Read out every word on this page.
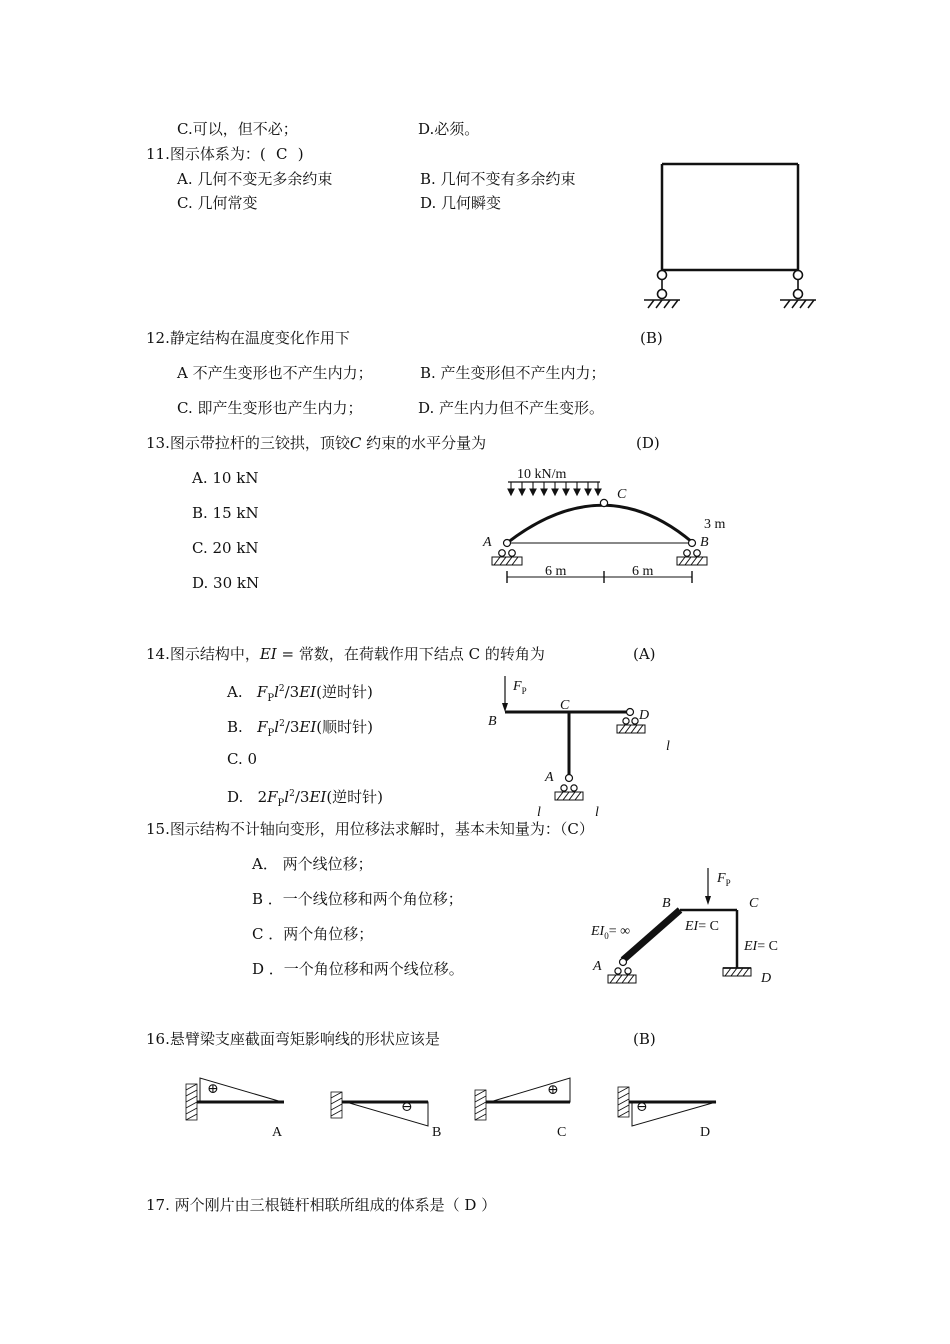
C.可以，但不必；	D.必须。
11.图示体系为：( C )
A. 几何不变无多余约束	B. 几何不变有多余约束
C. 几何常变	D. 几何瞬变
12.静定结构在温度变化作用下	(B)
A 不产生变形也不产生内力；	B. 产生变形但不产生内力；
C. 即产生变形也产生内力；	D. 产生内力但不产生变形。
13.图示带拉杆的三铰拱，顶铰C 约束的水平分量为	(D)
A. 10 kN
B. 15 kN
C. 20 kN
D. 30 kN
10 kN/m
C
3 m
A	B
6 m	6 m
14.图示结构中，EI = 常数，在荷载作用下结点 C 的转角为	(A)
A. $F_Pl^2/3EI$(逆时针)
B. $F_Pl^2/3EI$(顺时针)
C. 0
D.   $2F_Pl^2/3EI$(逆时针)
$F_P$
B
C
D
l
A
l	l
15.图示结构不计轴向变形，用位移法求解时，基本未知量为：（C）
A． 两个线位移；
B ．一个线位移和两个角位移；
C ．两个角位移；
D ．一个角位移和两个线位移。
$F_P$
B	C
EI= C
EI= C
$EI_0=$ ∞
A
D
16.悬臂梁支座截面弯矩影响线的形状应该是	(B)
⊕
A
⊖
B
⊕
C
⊖
D
17. 两个刚片由三根链杆相联所组成的体系是（ D ）
